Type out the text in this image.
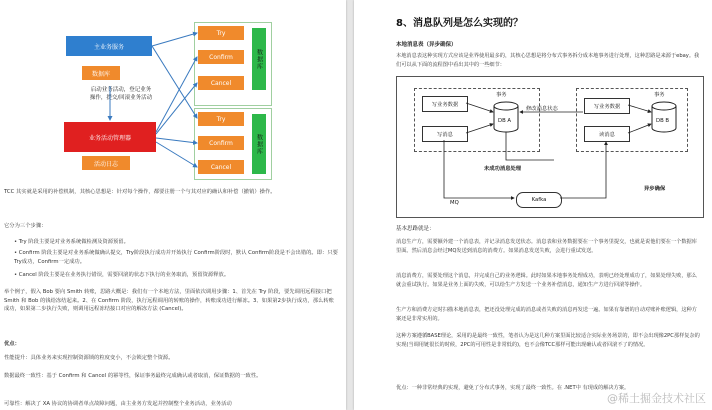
主业务服务
数据库
启动业务活动，登记业务
操作，提交/回滚业务活动
业务活动管理器
活动日志
Try
Confirm
Cancel
数据库
Try
Confirm
Cancel
数据库
TCC 其实就是采用的补偿机制，其核心思想是：针对每个操作，都要注册一个与其对应的确认和补偿（撤销）操作。
它分为三个步骤：
• Try 阶段主要是对业务系统做检测及资源预留。
• Confirm 阶段主要是对业务系统做确认提交，Try阶段执行成功并开始执行 Confirm阶段时，默认 Confirm阶段是不会出错的。即：只要Try成功，Confirm一定成功。
• Cancel 阶段主要是在业务执行错误，需要回滚的状态下执行的业务取消，预留资源释放。
举个例子，假入 Bob 要向 Smith 转账，思路大概是：我们有一个本地方法，里面依次调用步骤：1、首先在 Try 阶段，要先调用远程接口把 Smith 和 Bob 的钱给冻结起来。2、在 Confirm 阶段，执行远程调用的转账的操作，转账成功进行解冻。3、如果第2步执行成功，那么转账成功，如果第二步执行失败，则调用远程冻结接口对应的解冻方法 (Cancel)。
优点：
性能提升：具体业务来实现控制资源锁的粒度变小，不会锁定整个资源。
数据最终一致性：基于 Confirm 和 Cancel 的幂等性，保证事务最终完成确认或者取消，保证数据的一致性。
可靠性：解决了 XA 协议的协调者单点故障问题，由主业务方发起并控制整个业务活动，业务活动
8、消息队列是怎么实现的？
本地消息表（异步确保）
本地消息表这种实现方式应该是业界使用最多的，其核心思想是将分布式事务拆分成本地事务进行处理，这种思路是来源于ebay。我们可以从下面的流程图中看出其中的一些细节：
事务	事务
写业务数据
写消息
写业务数据
读消息
Kafka
DB A	DB B
修改消息状态
未成功消息处理
MQ
异步确保
基本思路就是：
消息生产方，需要额外建一个消息表，并记录消息发送状态。消息表和业务数据要在一个事务里提交，也就是说他们要在一个数据库里面。然后消息会经过MQ发送到消息的消费方。如果消息发送失败，会进行重试发送。
消息消费方，需要处理这个消息，并完成自己的业务逻辑。此时如果本地事务处理成功，表明已经处理成功了，如果处理失败，那么就会重试执行。如果是业务上面的失败，可以给生产方发送一个业务补偿消息，通知生产方进行回滚等操作。
生产方和消费方定时扫描本地消息表，把还没处理完成的消息或者失败的消息再发送一遍。如果有靠谱的自动对账补账逻辑，这种方案还是非常实用的。
这种方案遵循BASE理论，采用的是最终一致性，笔者认为是这几种方案里面比较适合实际业务场景的，即不会出现像2PC那样复杂的实现(当调用链很长的时候，2PC的可用性是非常低的)，也不会像TCC那样可能出现确认或者回滚不了的情况。
优点：一种非常经典的实现，避免了分布式事务，实现了最终一致性。在 .NET中 有现成的解决方案。
@稀土掘金技术社区
